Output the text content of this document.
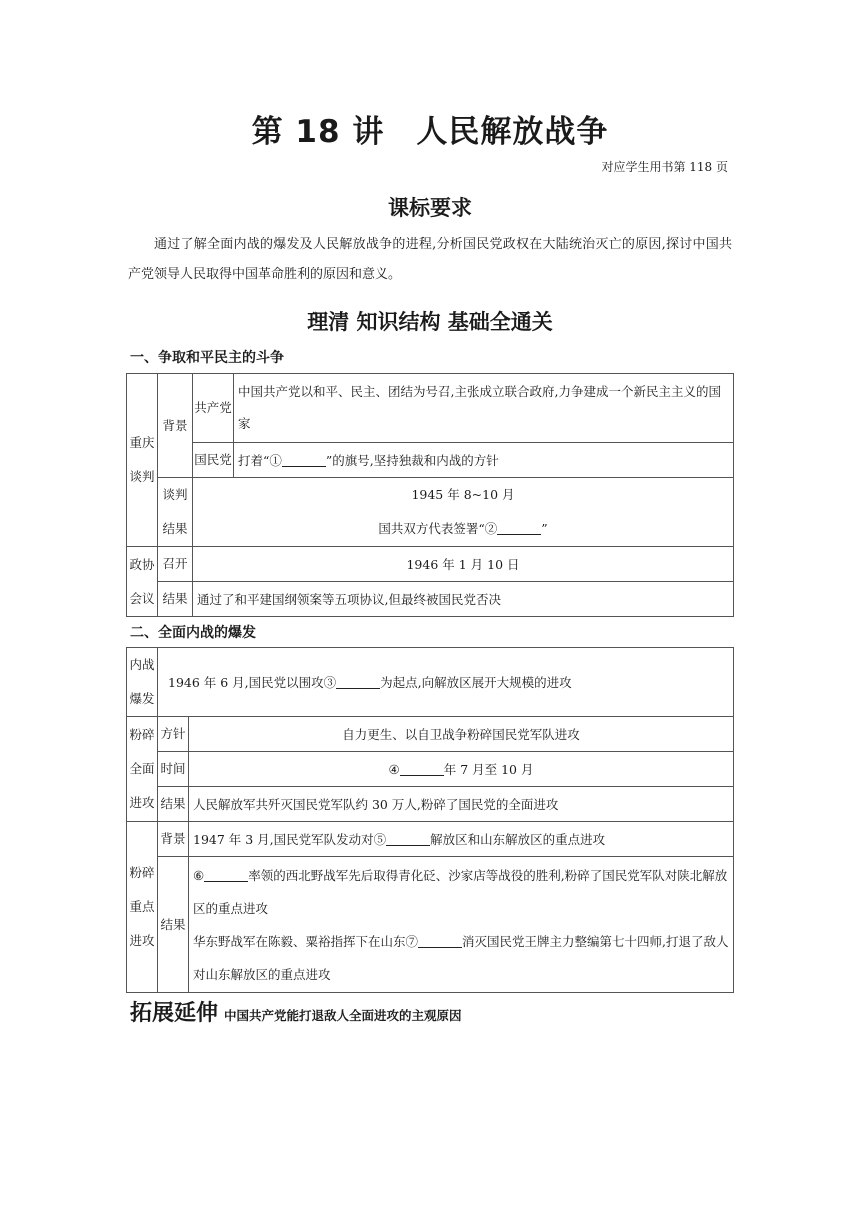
第 18 讲　人民解放战争
对应学生用书第 118 页
课标要求
通过了解全面内战的爆发及人民解放战争的进程,分析国民党政权在大陆统治灭亡的原因,探讨中国共产党领导人民取得中国革命胜利的原因和意义。
理清 知识结构 基础全通关
一、争取和平民主的斗争
重庆谈判	背景	共产党	中国共产党以和平、民主、团结为号召,主张成立联合政府,力争建成一个新民主主义的国家
		国民党	打着“① ”的旗号,坚持独裁和内战的方针
	谈判结果	1945 年 8~10 月
国共双方代表签署“② ”	

政协会议	召开	1946 年 1 月 10 日	
	结果	通过了和平建国纲领案等五项协议,但最终被国民党否决	
二、全面内战的爆发
内战爆发	1946 年 6 月,国民党以围攻③ 为起点,向解放区展开大规模的进攻	
粉碎全面进攻	方针	自力更生、以自卫战争粉碎国民党军队进攻
	时间	④ 年 7 月至 10 月
	结果	人民解放军共歼灭国民党军队约 30 万人,粉碎了国民党的全面进攻
粉碎重点进攻	背景	1947 年 3 月,国民党军队发动对⑤ 解放区和山东解放区的重点进攻
	结果	⑥ 率领的西北野战军先后取得青化砭、沙家店等战役的胜利,粉碎了国民党军队对陕北解放区的重点进攻
华东野战军在陈毅、粟裕指挥下在山东⑦ 消灭国民党王牌主力整编第七十四师,打退了敌人对山东解放区的重点进攻
拓展延伸 中国共产党能打退敌人全面进攻的主观原因
